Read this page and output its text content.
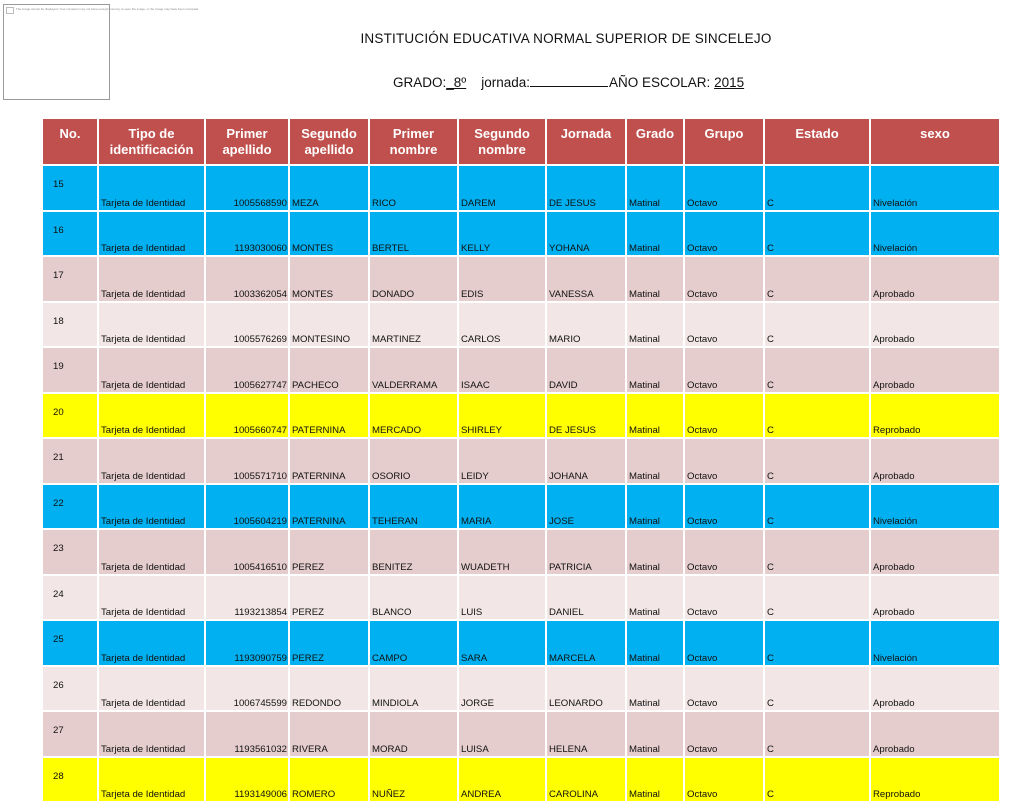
The image cannot be displayed. Your computer may not have enough memory to open the image, or the image may have been corrupted.
INSTITUCIÓN EDUCATIVA NORMAL SUPERIOR DE SINCELEJO
GRADO:_8º jornada:	AÑO ESCOLAR: 2015
No.	Tipo de identificación	Primer apellido	Segundo apellido	Primer nombre	Segundo nombre	Jornada	Grado	Grupo	Estado	sexo
15	Tarjeta de Identidad	1005568590	MEZA	RICO	DAREM	DE JESUS	Matinal	Octavo	C	Nivelación
16	Tarjeta de Identidad	1193030060	MONTES	BERTEL	KELLY	YOHANA	Matinal	Octavo	C	Nivelación
17	Tarjeta de Identidad	1003362054	MONTES	DONADO	EDIS	VANESSA	Matinal	Octavo	C	Aprobado
18	Tarjeta de Identidad	1005576269	MONTESINO	MARTINEZ	CARLOS	MARIO	Matinal	Octavo	C	Aprobado
19	Tarjeta de Identidad	1005627747	PACHECO	VALDERRAMA	ISAAC	DAVID	Matinal	Octavo	C	Aprobado
20	Tarjeta de Identidad	1005660747	PATERNINA	MERCADO	SHIRLEY	DE JESUS	Matinal	Octavo	C	Reprobado
21	Tarjeta de Identidad	1005571710	PATERNINA	OSORIO	LEIDY	JOHANA	Matinal	Octavo	C	Aprobado
22	Tarjeta de Identidad	1005604219	PATERNINA	TEHERAN	MARIA	JOSE	Matinal	Octavo	C	Nivelación
23	Tarjeta de Identidad	1005416510	PEREZ	BENITEZ	WUADETH	PATRICIA	Matinal	Octavo	C	Aprobado
24	Tarjeta de Identidad	1193213854	PEREZ	BLANCO	LUIS	DANIEL	Matinal	Octavo	C	Aprobado
25	Tarjeta de Identidad	1193090759	PEREZ	CAMPO	SARA	MARCELA	Matinal	Octavo	C	Nivelación
26	Tarjeta de Identidad	1006745599	REDONDO	MINDIOLA	JORGE	LEONARDO	Matinal	Octavo	C	Aprobado
27	Tarjeta de Identidad	1193561032	RIVERA	MORAD	LUISA	HELENA	Matinal	Octavo	C	Aprobado
28	Tarjeta de Identidad	1193149006	ROMERO	NUÑEZ	ANDREA	CAROLINA	Matinal	Octavo	C	Reprobado
